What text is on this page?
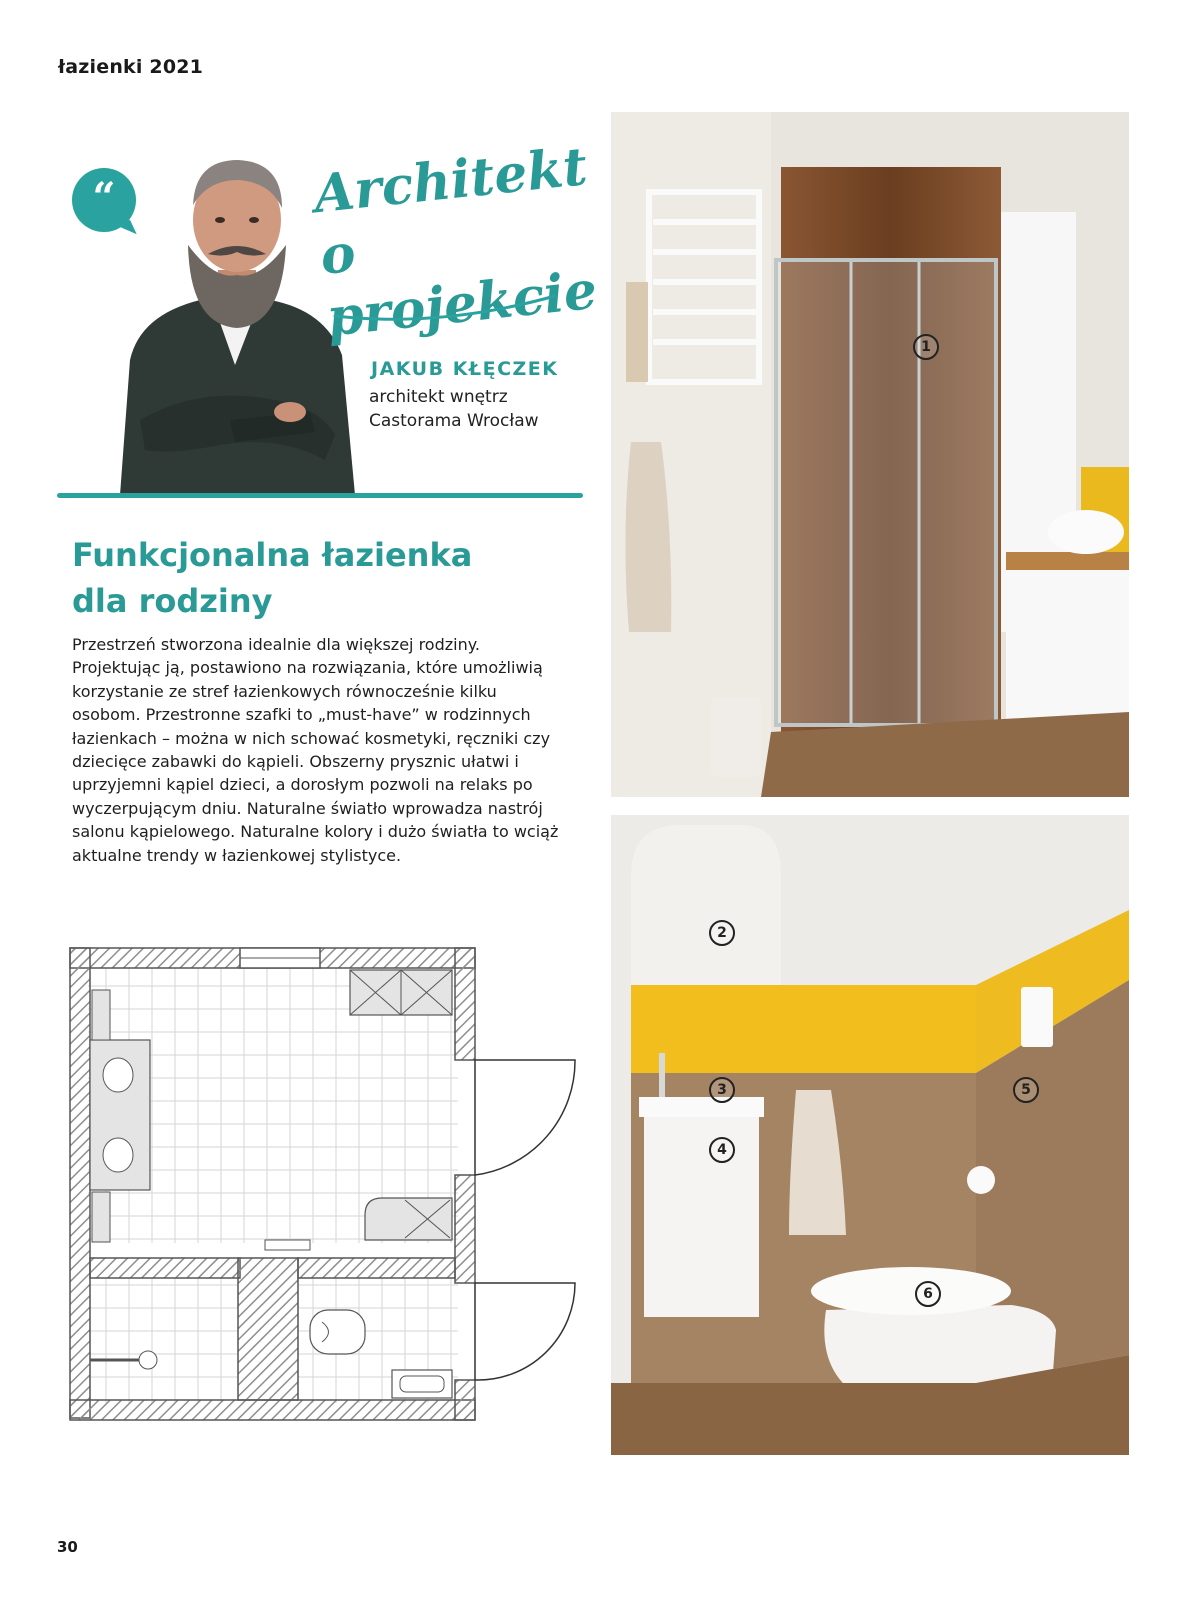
łazienki 2021
“	Architekt
o projekcie
JAKUB KŁĘCZEK
architekt wnętrz
Castorama Wrocław
Funkcjonalna łazienka
dla rodziny
Przestrzeń stworzona idealnie dla większej rodziny. Projektując ją, postawiono na rozwiązania, które umożliwią korzystanie ze stref łazienkowych równocześnie kilku osobom. Przestronne szafki to „must-have” w rodzinnych łazienkach – można w nich schować kosmetyki, ręczniki czy dziecięce zabawki do kąpieli. Obszerny prysznic ułatwi i uprzyjemni kąpiel dzieci, a dorosłym pozwoli na relaks po wyczerpującym dniu. Naturalne światło wprowadza nastrój salonu kąpielowego. Naturalne kolory i dużo światła to wciąż aktualne trendy w łazienkowej stylistyce.
1
2
3
4
5
6
30
